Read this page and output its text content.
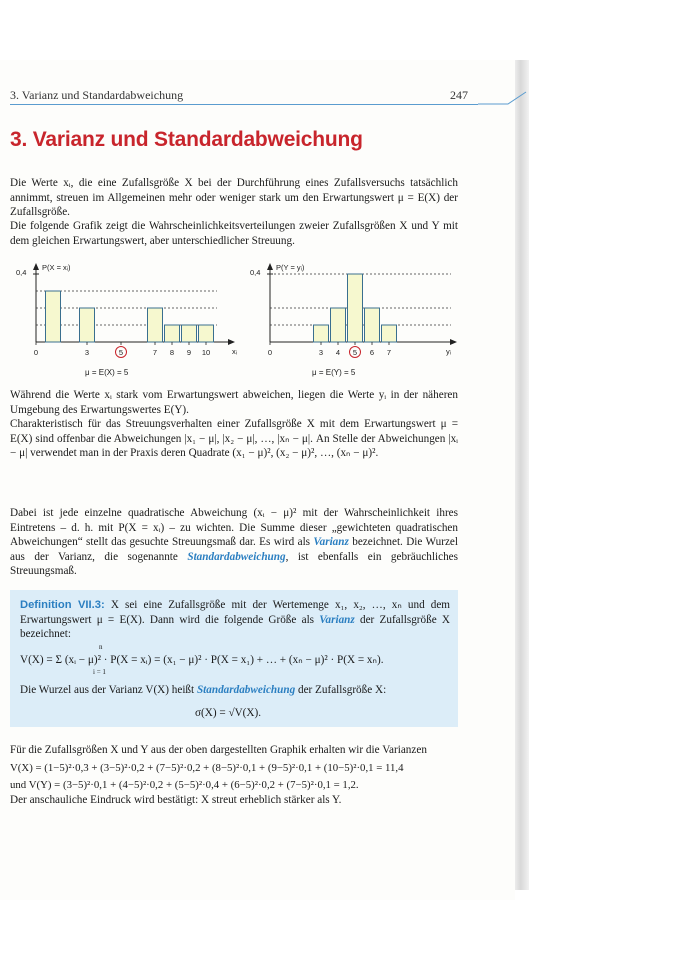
3. Varianz und Standardabweichung	247
3. Varianz und Standardabweichung
Die Werte xᵢ, die eine Zufallsgröße X bei der Durchführung eines Zufallsversuchs tatsächlich annimmt, streuen im Allgemeinen mehr oder weniger stark um den Erwartungswert μ = E(X) der Zufallsgröße.
Die folgende Grafik zeigt die Wahrscheinlichkeitsverteilungen zweier Zufallsgrößen X und Y mit dem gleichen Erwartungswert, aber unterschiedlicher Streuung.
P(X = xᵢ)
0,4
xᵢ
0	3	5	7 8 9 10
μ = E(X) = 5
P(Y = yᵢ)
0,4
yᵢ
0	3 4 5 6 7
μ = E(Y) = 5
Während die Werte xᵢ stark vom Erwartungswert abweichen, liegen die Werte yᵢ in der näheren Umgebung des Erwartungswertes E(Y).
Charakteristisch für das Streuungsverhalten einer Zufallsgröße X mit dem Erwartungswert μ = E(X) sind offenbar die Abweichungen |x₁ − μ|, |x₂ − μ|, …, |xₙ − μ|. An Stelle der Abweichungen |xᵢ − μ| verwendet man in der Praxis deren Quadrate (x₁ − μ)², (x₂ − μ)², …, (xₙ − μ)².
Dabei ist jede einzelne quadratische Abweichung (xᵢ − μ)² mit der Wahrscheinlichkeit ihres Eintretens – d. h. mit P(X = xᵢ) – zu wichten. Die Summe dieser „gewichteten quadratischen Abweichungen“ stellt das gesuchte Streuungsmaß dar. Es wird als Varianz bezeichnet. Die Wurzel aus der Varianz, die sogenannte Standardabweichung, ist ebenfalls ein gebräuchliches Streuungsmaß.
Definition VII.3: X sei eine Zufallsgröße mit der Wertemenge x₁, x₂, …, xₙ und dem Erwartungswert μ = E(X). Dann wird die folgende Größe als Varianz der Zufallsgröße X bezeichnet:
n
V(X) = Σ (xᵢ − μ)² · P(X = xᵢ) = (x₁ − μ)² · P(X = x₁) + … + (xₙ − μ)² · P(X = xₙ).
i = 1
Die Wurzel aus der Varianz V(X) heißt Standardabweichung der Zufallsgröße X:
σ(X) = √V(X).
Für die Zufallsgrößen X und Y aus der oben dargestellten Graphik erhalten wir die Varianzen
V(X) = (1−5)²·0,3 + (3−5)²·0,2 + (7−5)²·0,2 + (8−5)²·0,1 + (9−5)²·0,1 + (10−5)²·0,1 = 11,4
und V(Y) = (3−5)²·0,1 + (4−5)²·0,2 + (5−5)²·0,4 + (6−5)²·0,2 + (7−5)²·0,1 = 1,2.
Der anschauliche Eindruck wird bestätigt: X streut erheblich stärker als Y.
